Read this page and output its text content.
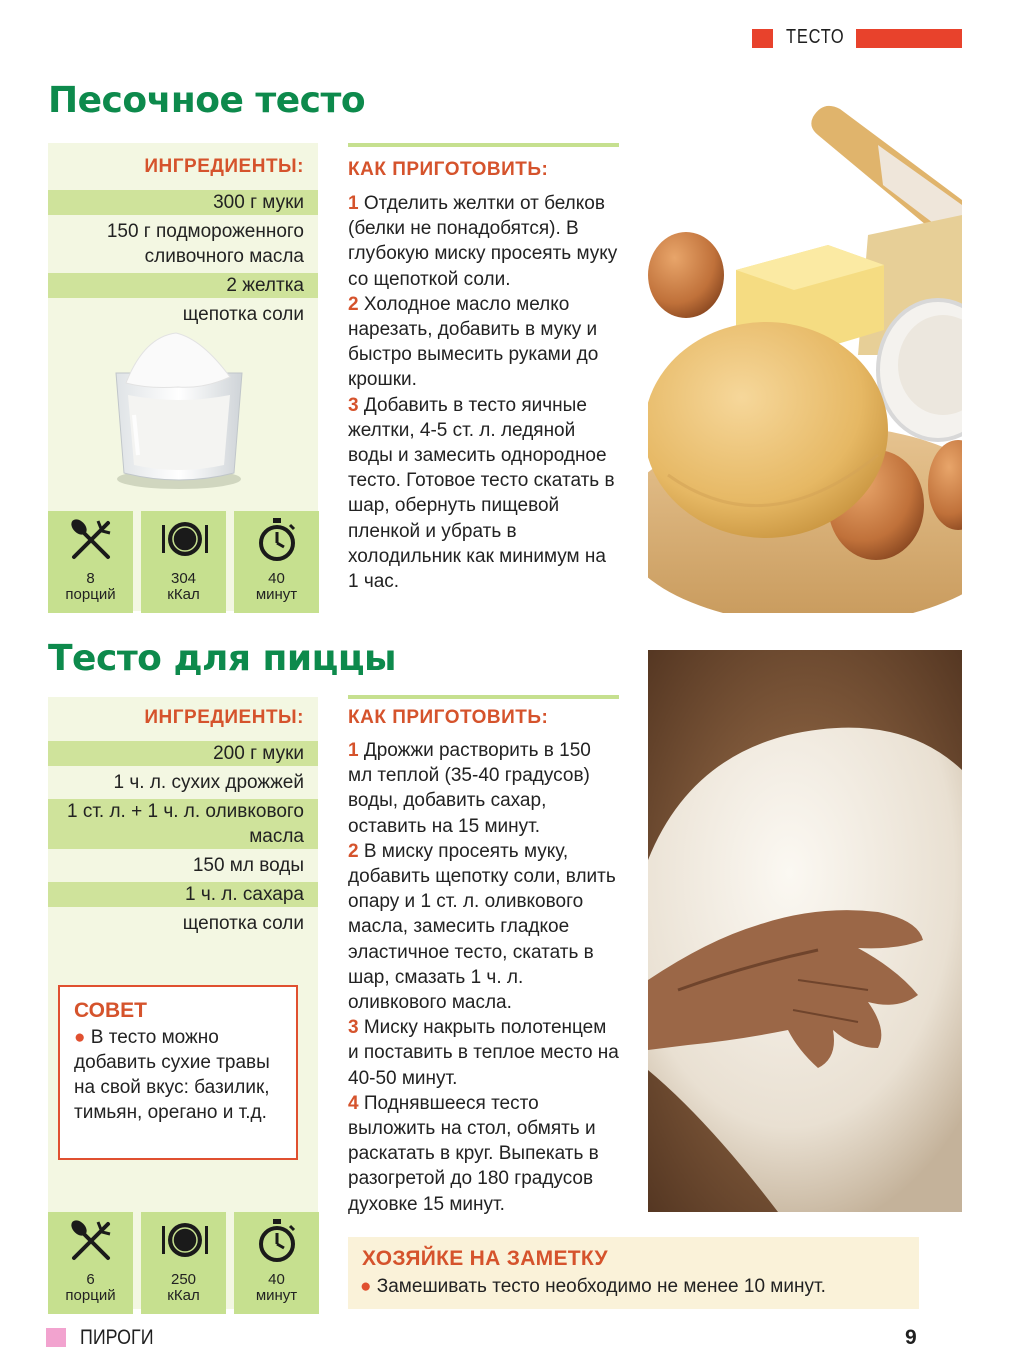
ТЕСТО
Песочное тесто
ИНГРЕДИЕНТЫ:
300 г муки
150 г подмороженного сливочного масла
2 желтка
щепотка соли
8
порций
304
кКал
40
минут
КАК ПРИГОТОВИТЬ:

1 Отделить желтки от белков (белки не понадобятся). В глубокую миску просеять муку со щепоткой соли.

2 Холодное масло мелко нарезать, добавить в муку и быстро вымесить руками до крошки.

3 Добавить в тесто яичные желтки, 4-5 ст. л. ледяной воды и замесить однородное тесто. Готовое тесто скатать в шар, обернуть пищевой пленкой и убрать в холодильник как минимум на 1 час.

Тесто для пиццы
ИНГРЕДИЕНТЫ:
200 г муки
1 ч. л. сухих дрожжей
1 ст. л. + 1 ч. л. оливкового масла
150 мл воды
1 ч. л. сахара
щепотка соли
СОВЕТ
● В тесто можно добавить сухие травы на свой вкус: базилик, тимьян, орегано и т.д.
6
порций
250
кКал
40
минут
КАК ПРИГОТОВИТЬ:

1 Дрожжи растворить в 150 мл теплой (35-40 градусов) воды, добавить сахар, оставить на 15 минут.

2 В миску просеять муку, добавить щепотку соли, влить опару и 1 ст. л. оливкового масла, замесить гладкое эластичное тесто, скатать в шар, смазать 1 ч. л. оливкового масла.

3 Миску накрыть полотенцем и поставить в теплое место на 40-50 минут.

4 Поднявшееся тесто выложить на стол, обмять и раскатать в круг. Выпекать в разогретой до 180 градусов духовке 15 минут.

ХОЗЯЙКЕ НА ЗАМЕТКУ
● Замешивать тесто необходимо не менее 10 минут.
ПИРОГИ	9
